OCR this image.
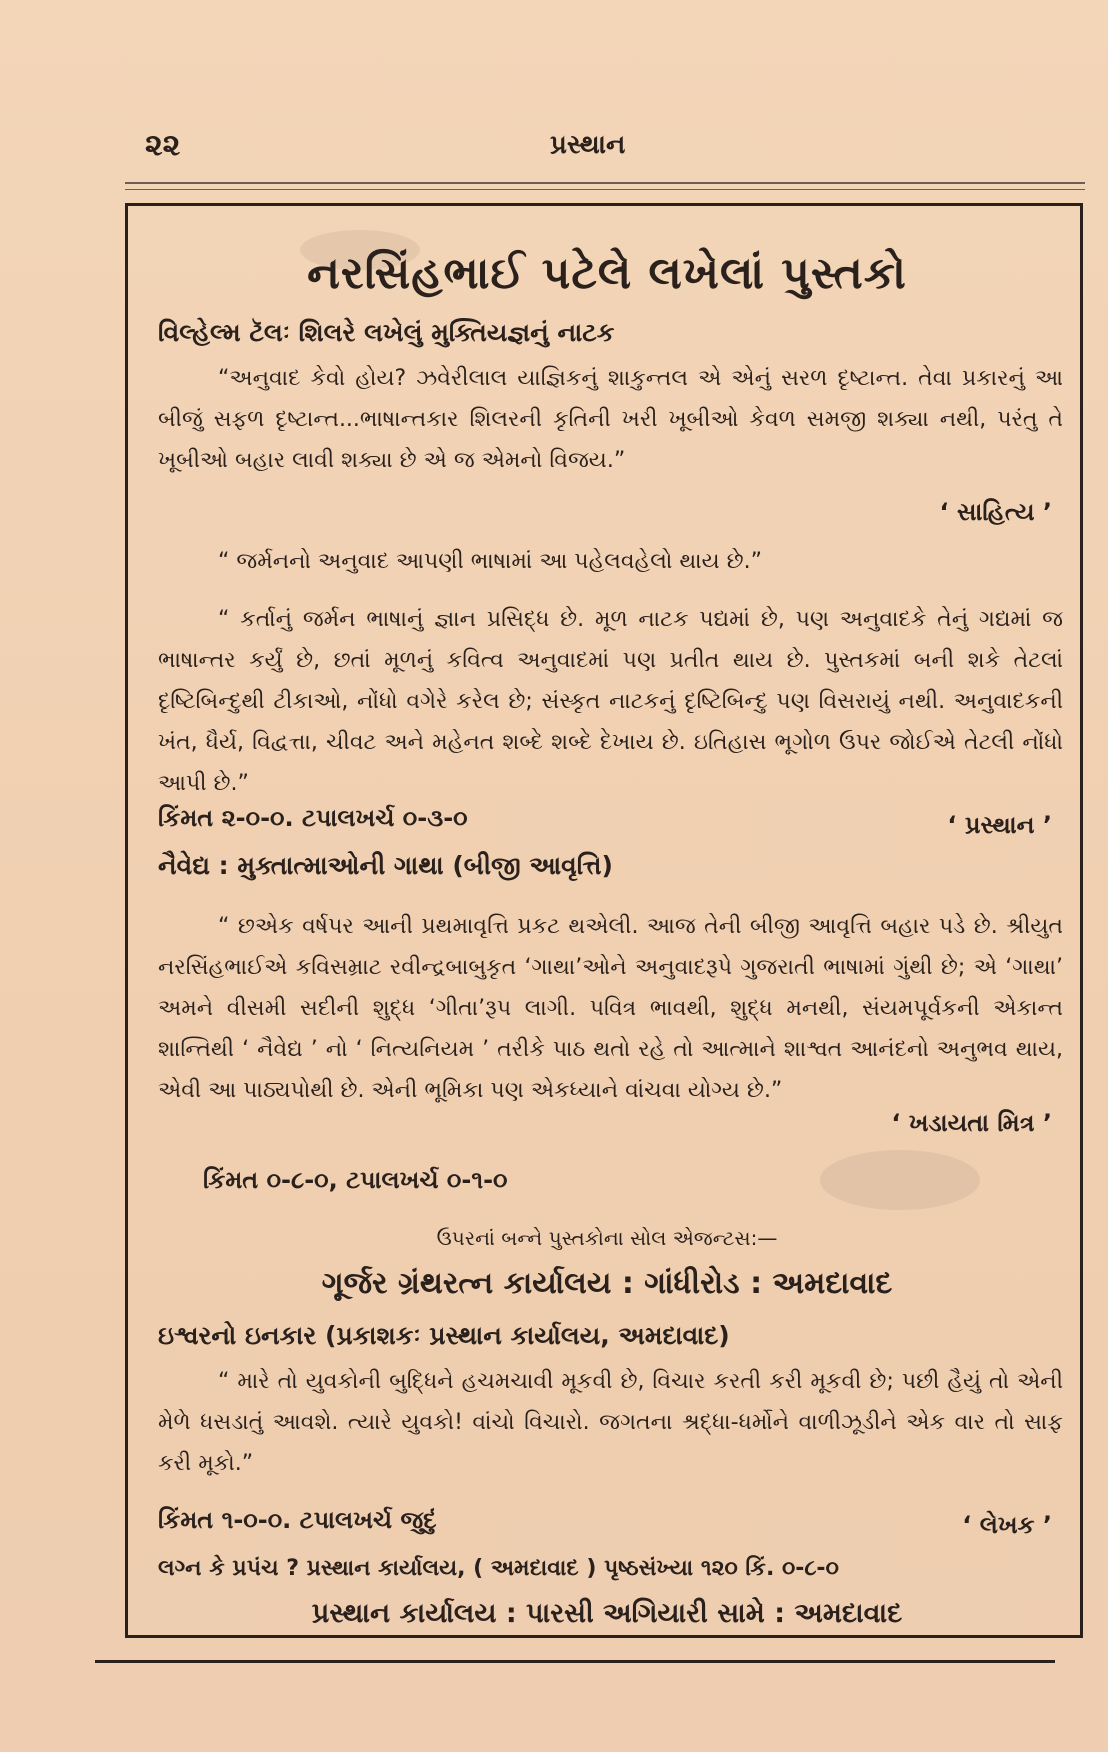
૨૨	પ્રસ્થાન
નરસિંહભાઈ પટેલે લખેલાં પુસ્તકો
વિલ્હેલ્મ ટૅલઃ શિલરે લખેલું મુક્તિયજ્ઞનું નાટક
“અનુવાદ કેવો હોય? ઝવેરીલાલ યાજ્ઞિકનું શાકુન્તલ એ એનું સરળ દૃષ્ટાન્ત. તેવા પ્રકારનું આ બીજું સફળ દૃષ્ટાન્ત...ભાષાન્તકાર શિલરની કૃતિની ખરી ખૂબીઓ કેવળ સમજી શક્યા નથી, પરંતુ તે ખૂબીઓ બહાર લાવી શક્યા છે એ જ એમનો વિજય.”
‘ સાહિત્ય ’
“ જર્મનનો અનુવાદ આપણી ભાષામાં આ પહેલવહેલો થાય છે.”
“ કર્તાનું જર્મન ભાષાનું જ્ઞાન પ્રસિદ્ધ છે. મૂળ નાટક પદ્યમાં છે, પણ અનુવાદકે તેનું ગદ્યમાં જ ભાષાન્તર કર્યું છે, છતાં મૂળનું કવિત્વ અનુવાદમાં પણ પ્રતીત થાય છે. પુસ્તકમાં બની શકે તેટલાં દૃષ્ટિબિન્દુથી ટીકાઓ, નોંધો વગેરે કરેલ છે; સંસ્કૃત નાટકનું દૃષ્ટિબિન્દુ પણ વિસરાયું નથી. અનુવાદકની ખંત, ધૈર્ય, વિદ્વત્તા, ચીવટ અને મહેનત શબ્દે શબ્દે દેખાય છે. ઇતિહાસ ભૂગોળ ઉપર જોઈએ તેટલી નોંધો આપી છે.”
કિંમત ૨-૦-૦. ટપાલખર્ચ ૦-૩-૦	‘ પ્રસ્થાન ’
નૈવેદ્ય : મુક્તાત્માઓની ગાથા (બીજી આવૃત્તિ)
“ છએક વર્ષપર આની પ્રથમાવૃત્તિ પ્રકટ થએલી. આજ તેની બીજી આવૃત્તિ બહાર પડે છે. શ્રીયુત નરસિંહભાઈએ કવિસમ્રાટ રવીન્દ્રબાબુકૃત ‘ગાથા’ઓને અનુવાદરૂપે ગુજરાતી ભાષામાં ગુંથી છે; એ ‘ગાથા’ અમને વીસમી સદીની શુદ્ધ ‘ગીતા’રૂપ લાગી. પવિત્ર ભાવથી, શુદ્ધ મનથી, સંયમપૂર્વકની એકાન્ત શાન્તિથી ‘ નૈવેદ્ય ’ નો ‘ નિત્યનિયમ ’ તરીકે પાઠ થતો રહે તો આત્માને શાશ્વત આનંદનો અનુભવ થાય, એવી આ પાઠ્યપોથી છે. એની ભૂમિકા પણ એકધ્યાને વાંચવા યોગ્ય છે.”
‘ ખડાયતા મિત્ર ’
કિંમત ૦-૮-૦, ટપાલખર્ચ ૦-૧-૦
ઉપરનાં બન્ને પુસ્તકોના સોલ એજન્ટસ:—
ગૂર્જર ગ્રંથરત્ન કાર્યાલય : ગાંધીરોડ : અમદાવાદ
ઇશ્વરનો ઇનકાર (પ્રકાશકઃ પ્રસ્થાન કાર્યાલય, અમદાવાદ)
“ મારે તો યુવકોની બુદ્ધિને હચમચાવી મૂકવી છે, વિચાર કરતી કરી મૂકવી છે; પછી હૈયું તો એની મેળે ધસડાતું આવશે. ત્યારે યુવકો! વાંચો વિચારો. જગતના શ્રદ્ધા-ધર્મોને વાળીઝૂડીને એક વાર તો સાફ કરી મૂકો.”
કિંમત ૧-૦-૦. ટપાલખર્ચ જુદું	‘ લેખક ’
લગ્ન કે પ્રપંચ ? પ્રસ્થાન કાર્યાલય, ( અમદાવાદ ) પૃષ્ઠસંખ્યા ૧૨૦ કિં. ૦-૮-૦
પ્રસ્થાન કાર્યાલય : પારસી અગિયારી સામે : અમદાવાદ
